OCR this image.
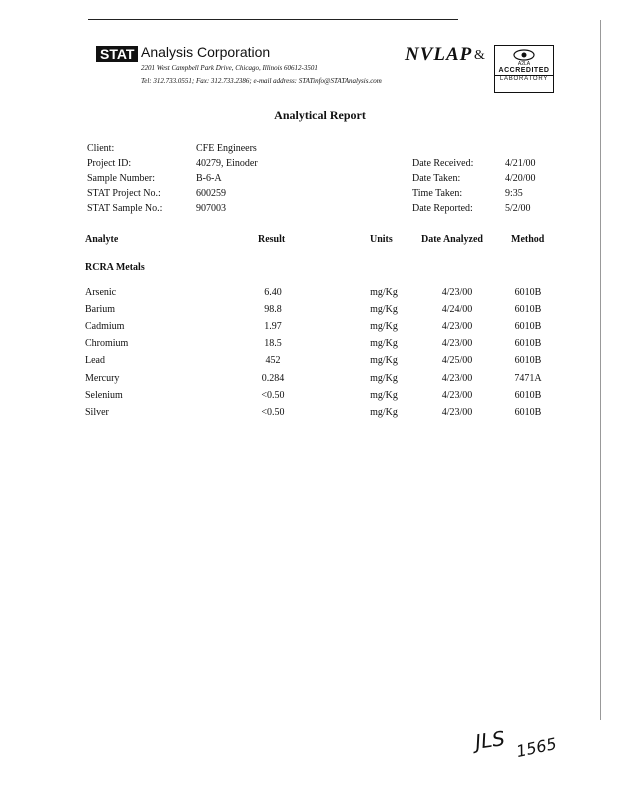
STAT Analysis Corporation
2201 West Campbell Park Drive, Chicago, Illinois 60612-3501
Tel: 312.733.0551; Fax: 312.733.2386; e-mail address: STATinfo@STATAnalysis.com
NVLAP &
A2LA
ACCREDITED
LABORATORY
Analytical Report
Client:	CFE Engineers
Project ID:	40279, Einoder
Sample Number:	B-6-A
STAT Project No.:	600259
STAT Sample No.:	907003
Date Received:	4/21/00
Date Taken:	4/20/00
Time Taken:	9:35
Date Reported:	5/2/00
Analyte	Result	Units	Date Analyzed	Method
RCRA Metals
Arsenic	6.40	mg/Kg	4/23/00	6010B
Barium	98.8	mg/Kg	4/24/00	6010B
Cadmium	1.97	mg/Kg	4/23/00	6010B
Chromium	18.5	mg/Kg	4/23/00	6010B
Lead	452	mg/Kg	4/25/00	6010B
Mercury	0.284	mg/Kg	4/23/00	7471A
Selenium	<0.50	mg/Kg	4/23/00	6010B
Silver	<0.50	mg/Kg	4/23/00	6010B
JLS 1565
